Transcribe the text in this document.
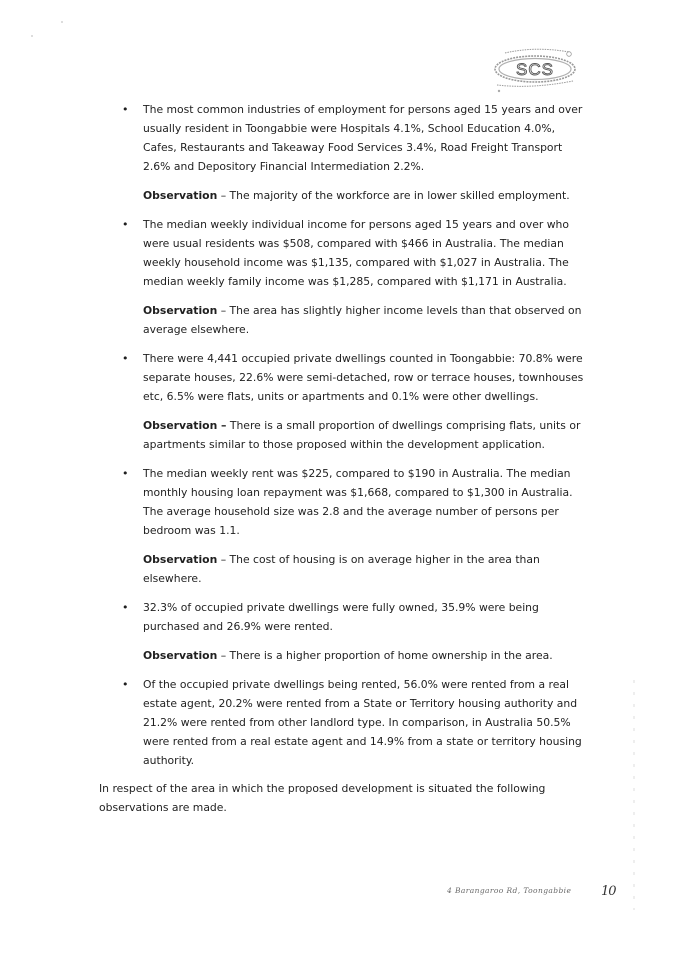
SCS
• The most common industries of employment for persons aged 15 years and over usually resident in Toongabbie were Hospitals 4.1%, School Education 4.0%, Cafes, Restaurants and Takeaway Food Services 3.4%, Road Freight Transport 2.6% and Depository Financial Intermediation 2.2%.

Observation – The majority of the workforce are in lower skilled employment.

• The median weekly individual income for persons aged 15 years and over who were usual residents was $508, compared with $466 in Australia. The median weekly household income was $1,135, compared with $1,027 in Australia. The median weekly family income was $1,285, compared with $1,171 in Australia.

Observation – The area has slightly higher income levels than that observed on average elsewhere.

• There were 4,441 occupied private dwellings counted in Toongabbie: 70.8% were separate houses, 22.6% were semi-detached, row or terrace houses, townhouses etc, 6.5% were flats, units or apartments and 0.1% were other dwellings.

Observation – There is a small proportion of dwellings comprising flats, units or apartments similar to those proposed within the development application.

• The median weekly rent was $225, compared to $190 in Australia. The median monthly housing loan repayment was $1,668, compared to $1,300 in Australia. The average household size was 2.8 and the average number of persons per bedroom was 1.1.

Observation – The cost of housing is on average higher in the area than elsewhere.

• 32.3% of occupied private dwellings were fully owned, 35.9% were being purchased and 26.9% were rented.

Observation – There is a higher proportion of home ownership in the area.

• Of the occupied private dwellings being rented, 56.0% were rented from a real estate agent, 20.2% were rented from a State or Territory housing authority and 21.2% were rented from other landlord type. In comparison, in Australia 50.5% were rented from a real estate agent and 14.9% from a state or territory housing authority.

In respect of the area in which the proposed development is situated the following observations are made.

4 Barangaroo Rd, Toongabbie 10
